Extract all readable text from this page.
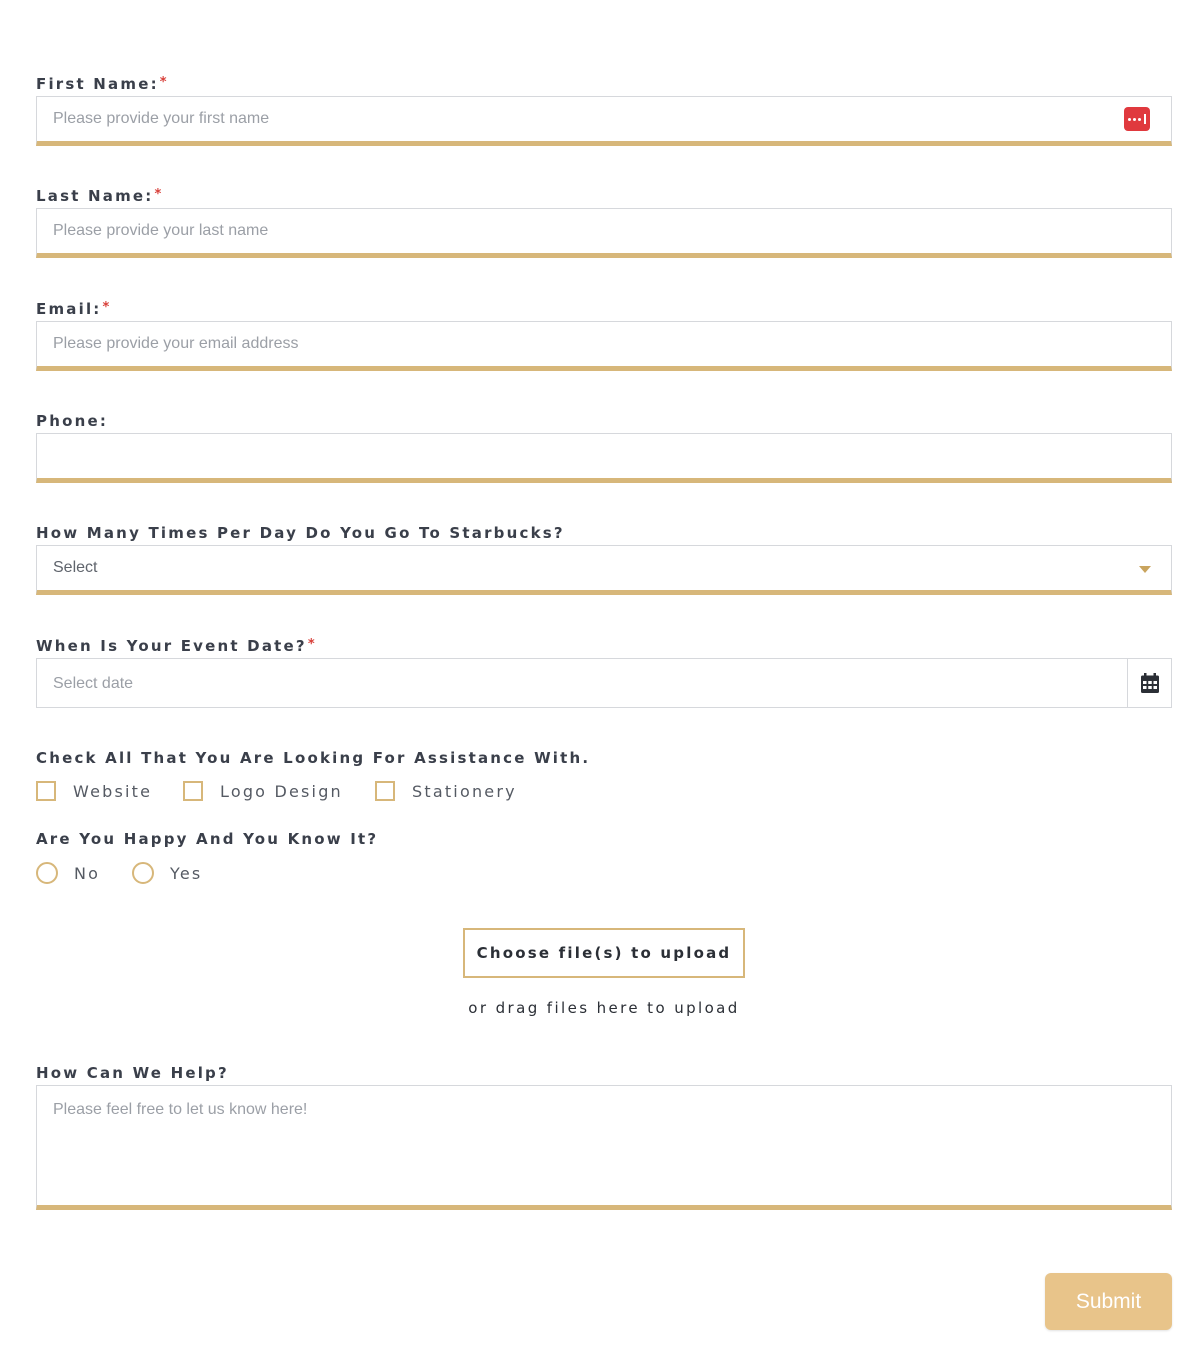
First Name:*
Please provide your first name
Last Name:*
Please provide your last name
Email:*
Please provide your email address
Phone:
How Many Times Per Day Do You Go To Starbucks?
Select
When Is Your Event Date?*
Select date
Check All That You Are Looking For Assistance With.
Website	Logo Design	Stationery
Are You Happy And You Know It?
No	Yes
Choose file(s) to upload
or drag files here to upload
How Can We Help?
Please feel free to let us know here!
Submit
